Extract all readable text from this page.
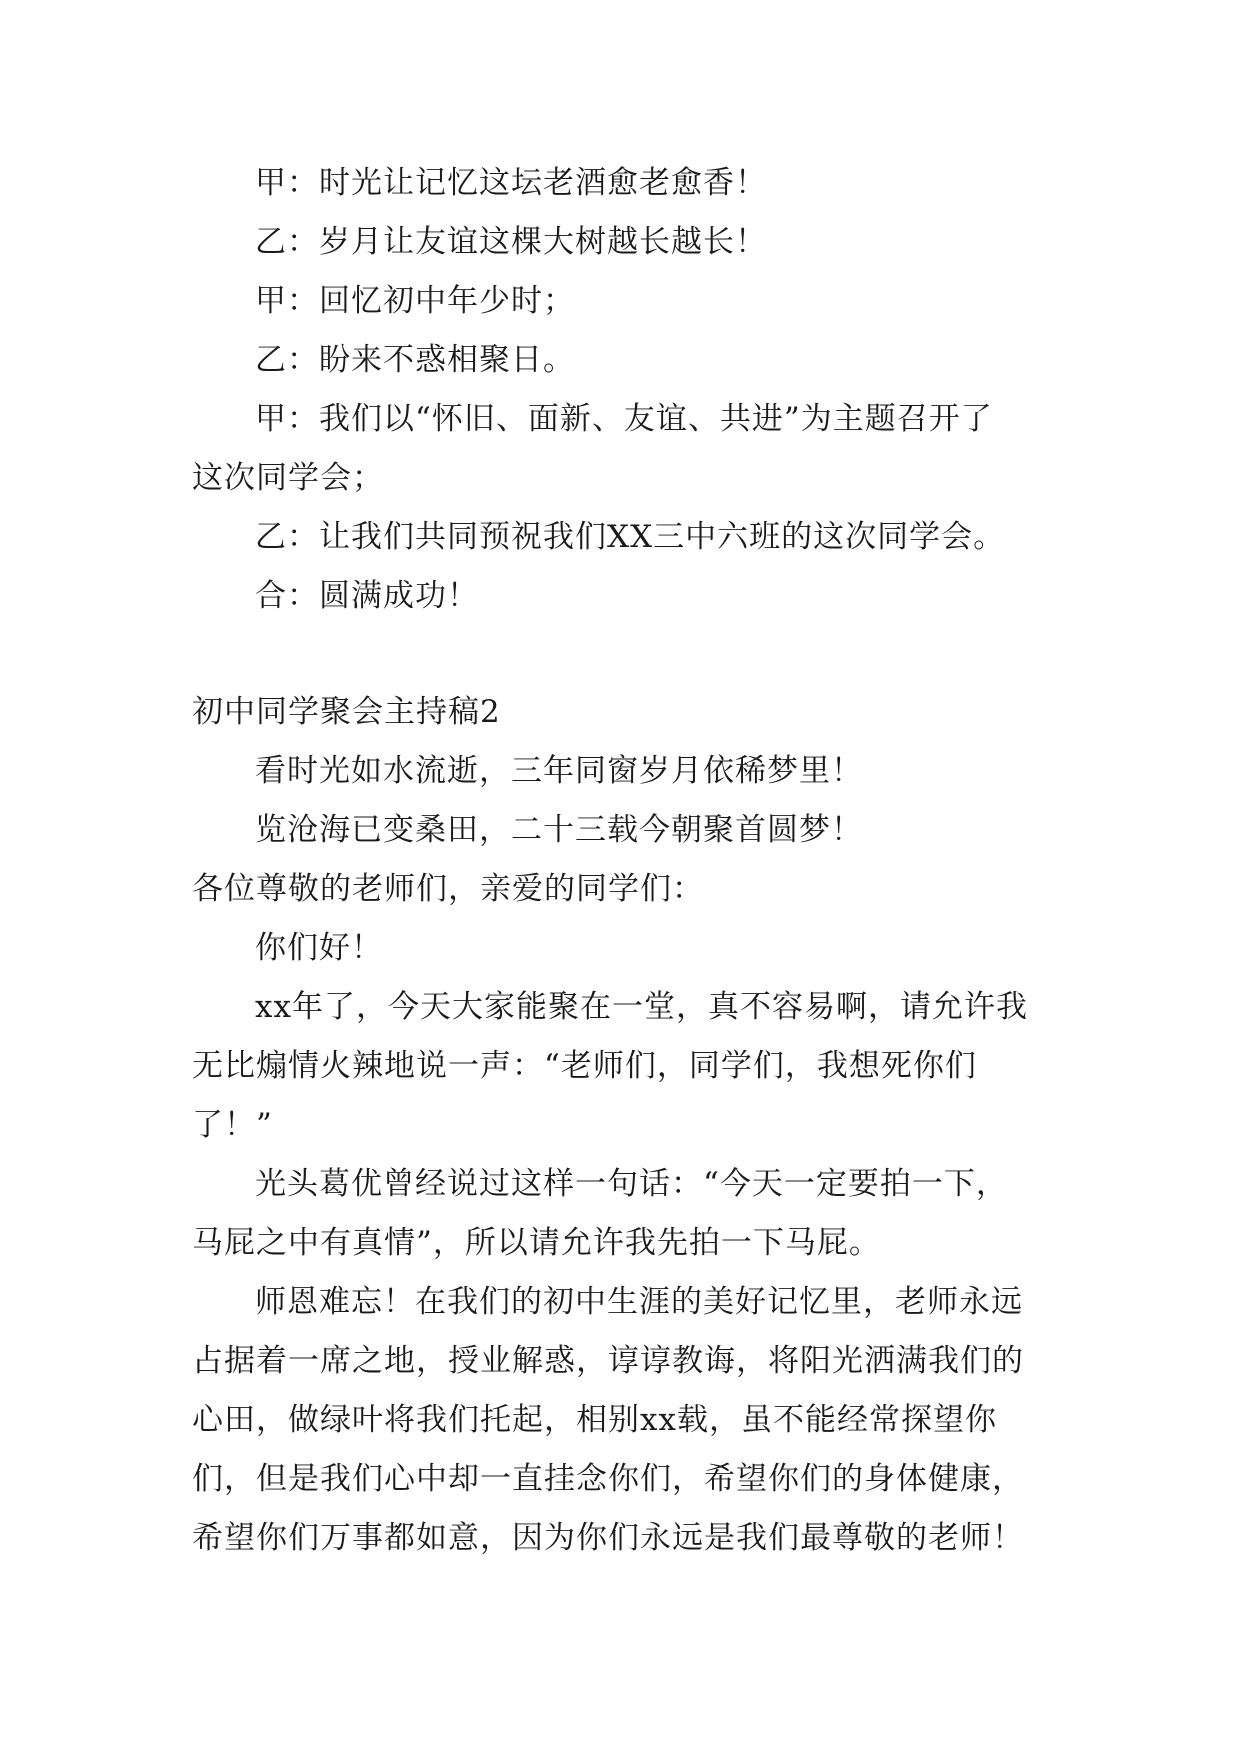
甲：时光让记忆这坛老酒愈老愈香！
乙：岁月让友谊这棵大树越长越长！
甲：回忆初中年少时；
乙：盼来不惑相聚日。
甲：我们以“怀旧、面新、友谊、共进”为主题召开了
这次同学会；
乙：让我们共同预祝我们XX三中六班的这次同学会。
合：圆满成功！
初中同学聚会主持稿2
看时光如水流逝，三年同窗岁月依稀梦里！
览沧海已变桑田，二十三载今朝聚首圆梦！
各位尊敬的老师们，亲爱的同学们：
你们好！
xx年了，今天大家能聚在一堂，真不容易啊，请允许我
无比煽情火辣地说一声：“老师们，同学们，我想死你们
了！”
光头葛优曾经说过这样一句话：“今天一定要拍一下，
马屁之中有真情”，所以请允许我先拍一下马屁。
师恩难忘！在我们的初中生涯的美好记忆里，老师永远
占据着一席之地，授业解惑，谆谆教诲，将阳光洒满我们的
心田，做绿叶将我们托起，相别xx载，虽不能经常探望你
们，但是我们心中却一直挂念你们，希望你们的身体健康，
希望你们万事都如意，因为你们永远是我们最尊敬的老师！
